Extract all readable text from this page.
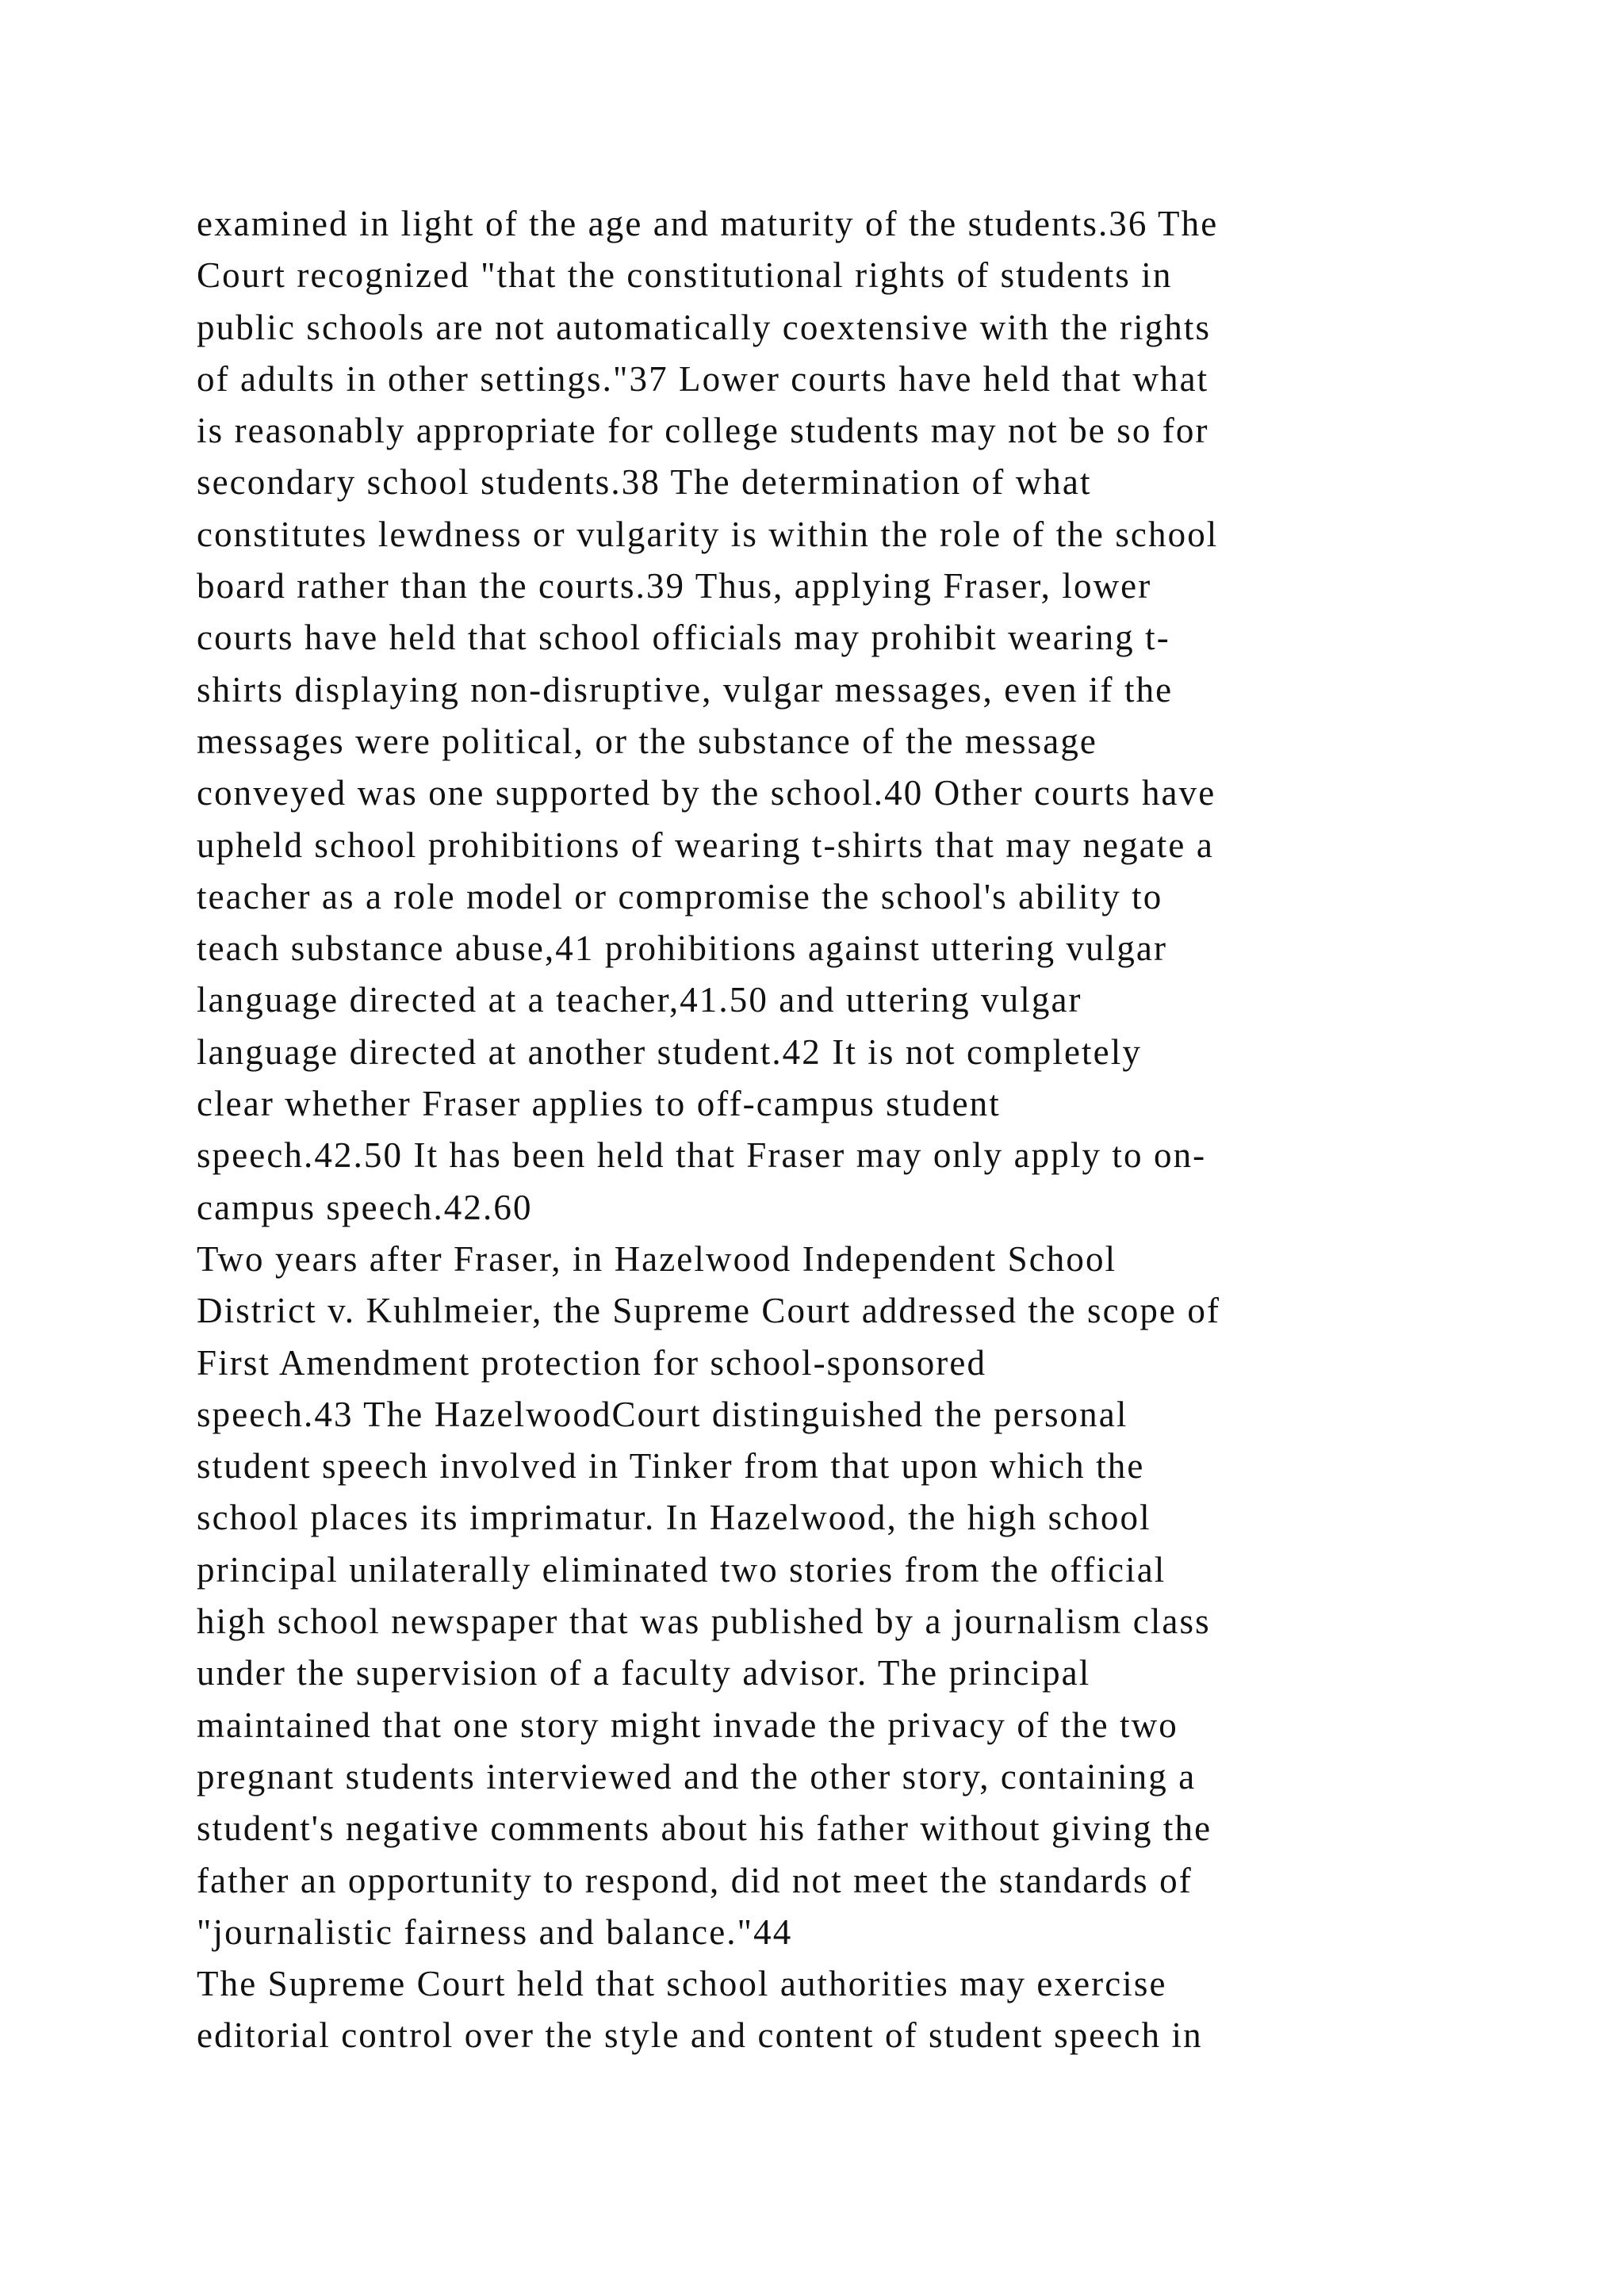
examined in light of the age and maturity of the students.36 The
Court recognized "that the constitutional rights of students in
public schools are not automatically coextensive with the rights
of adults in other settings."37 Lower courts have held that what
is reasonably appropriate for college students may not be so for
secondary school students.38 The determination of what
constitutes lewdness or vulgarity is within the role of the school
board rather than the courts.39 Thus, applying Fraser, lower
courts have held that school officials may prohibit wearing t-
shirts displaying non-disruptive, vulgar messages, even if the
messages were political, or the substance of the message
conveyed was one supported by the school.40 Other courts have
upheld school prohibitions of wearing t-shirts that may negate a
teacher as a role model or compromise the school's ability to
teach substance abuse,41 prohibitions against uttering vulgar
language directed at a teacher,41.50 and uttering vulgar
language directed at another student.42 It is not completely
clear whether Fraser applies to off-campus student
speech.42.50 It has been held that Fraser may only apply to on-
campus speech.42.60
Two years after Fraser, in Hazelwood Independent School
District v. Kuhlmeier, the Supreme Court addressed the scope of
First Amendment protection for school-sponsored
speech.43 The HazelwoodCourt distinguished the personal
student speech involved in Tinker from that upon which the
school places its imprimatur. In Hazelwood, the high school
principal unilaterally eliminated two stories from the official
high school newspaper that was published by a journalism class
under the supervision of a faculty advisor. The principal
maintained that one story might invade the privacy of the two
pregnant students interviewed and the other story, containing a
student's negative comments about his father without giving the
father an opportunity to respond, did not meet the standards of
"journalistic fairness and balance."44
The Supreme Court held that school authorities may exercise
editorial control over the style and content of student speech in
